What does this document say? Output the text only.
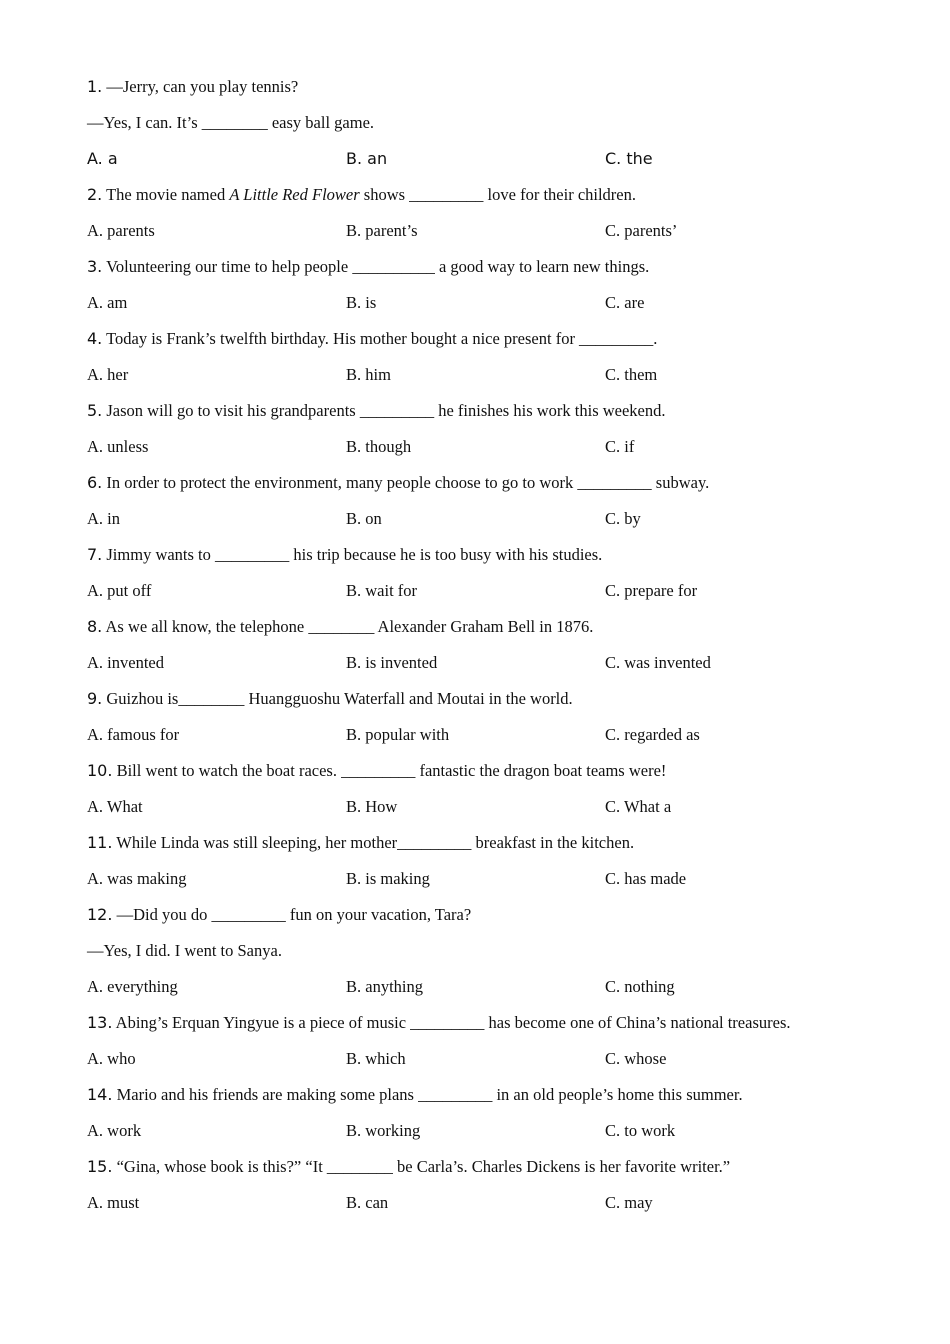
1. —Jerry, can you play tennis?
—Yes, I can. It’s ________ easy ball game.
A. a	B. an	C. the
2. The movie named A Little Red Flower shows _________ love for their children.
A. parents	B. parent’s	C. parents’
3. Volunteering our time to help people __________ a good way to learn new things.
A. am	B. is	C. are
4. Today is Frank’s twelfth birthday. His mother bought a nice present for _________.
A. her	B. him	C. them
5. Jason will go to visit his grandparents _________ he finishes his work this weekend.
A. unless	B. though	C. if
6. In order to protect the environment, many people choose to go to work _________ subway.
A. in	B. on	C. by
7. Jimmy wants to _________ his trip because he is too busy with his studies.
A. put off	B. wait for	C. prepare for
8. As we all know, the telephone ________ Alexander Graham Bell in 1876.
A. invented	B. is invented	C. was invented
9. Guizhou is________ Huangguoshu Waterfall and Moutai in the world.
A. famous for	B. popular with	C. regarded as
10. Bill went to watch the boat races. _________ fantastic the dragon boat teams were!
A. What	B. How	C. What a
11. While Linda was still sleeping, her mother_________ breakfast in the kitchen.
A. was making	B. is making	C. has made
12. —Did you do _________ fun on your vacation, Tara?
—Yes, I did. I went to Sanya.
A. everything	B. anything	C. nothing
13. Abing’s Erquan Yingyue is a piece of music _________ has become one of China’s national treasures.
A. who	B. which	C. whose
14. Mario and his friends are making some plans _________ in an old people’s home this summer.
A. work	B. working	C. to work
15. “Gina, whose book is this?” “It ________ be Carla’s. Charles Dickens is her favorite writer.”
A. must	B. can	C. may
